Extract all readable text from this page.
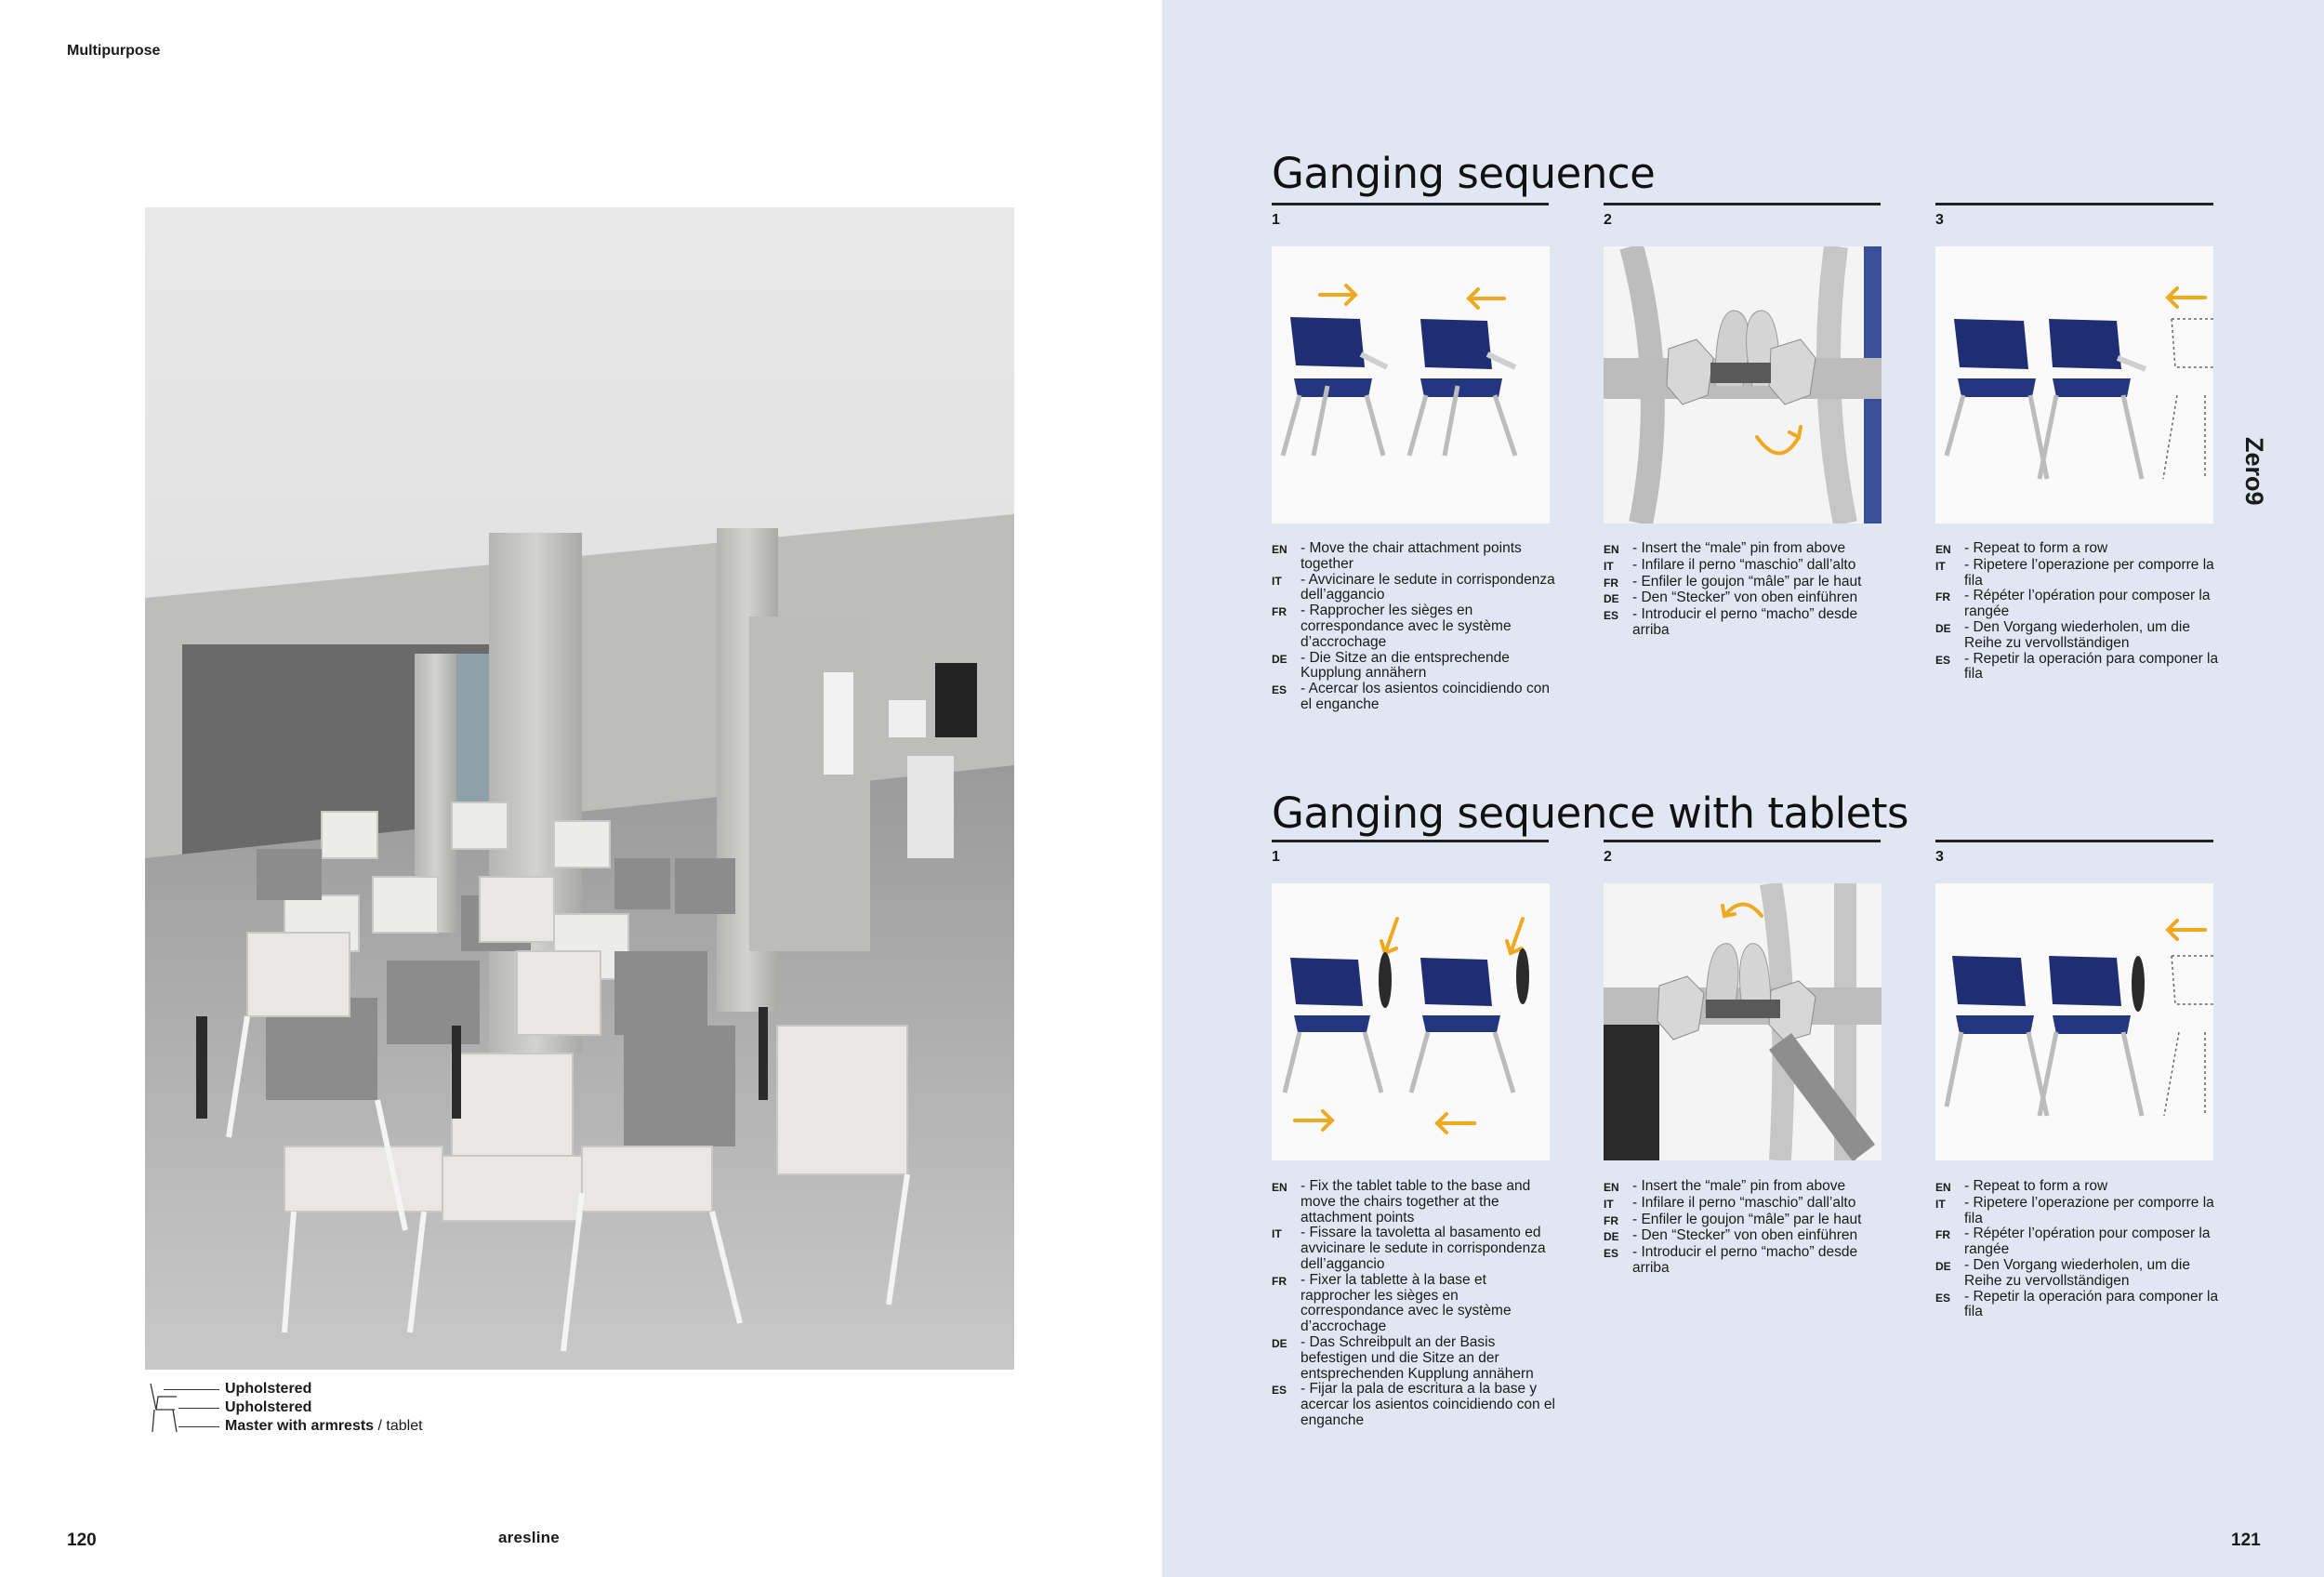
Multipurpose
Upholstered
Upholstered
Master with armrests / tablet
120	aresline
Zero9
121
Ganging sequence
1	2	3
EN - Move the chair attachment points together
IT	- Avvicinare le sedute in corrispondenza dell’aggancio
FR - Rapprocher les sièges en correspondance avec le système d’accrochage
DE - Die Sitze an die entsprechende Kupplung annähern
ES - Acercar los asientos coincidiendo con el enganche
EN - Insert the “male” pin from above
IT	- Infilare il perno “maschio” dall’alto
FR - Enfiler le goujon “mâle” par le haut
DE - Den “Stecker” von oben einführen
ES - Introducir el perno “macho” desde arriba
EN - Repeat to form a row
IT	- Ripetere l’operazione per comporre la fila
FR - Répéter l’opération pour composer la rangée
DE - Den Vorgang wiederholen, um die Reihe zu vervollständigen
ES - Repetir la operación para componer la fila
Ganging sequence with tablets
1	2	3
EN - Fix the tablet table to the base and move the chairs together at the attachment points
IT	- Fissare la tavoletta al basamento ed avvicinare le sedute in corrispondenza dell’aggancio
FR - Fixer la tablette à la base et rapprocher les sièges en correspondance avec le système d’accrochage
DE - Das Schreibpult an der Basis befestigen und die Sitze an der entsprechenden Kupplung annähern
ES - Fijar la pala de escritura a la base y acercar los asientos coincidiendo con el enganche
EN - Insert the “male” pin from above
IT	- Infilare il perno “maschio” dall’alto
FR - Enfiler le goujon “mâle” par le haut
DE - Den “Stecker” von oben einführen
ES - Introducir el perno “macho” desde arriba
EN - Repeat to form a row
IT	- Ripetere l’operazione per comporre la fila
FR - Répéter l’opération pour composer la rangée
DE - Den Vorgang wiederholen, um die Reihe zu vervollständigen
ES - Repetir la operación para componer la fila
